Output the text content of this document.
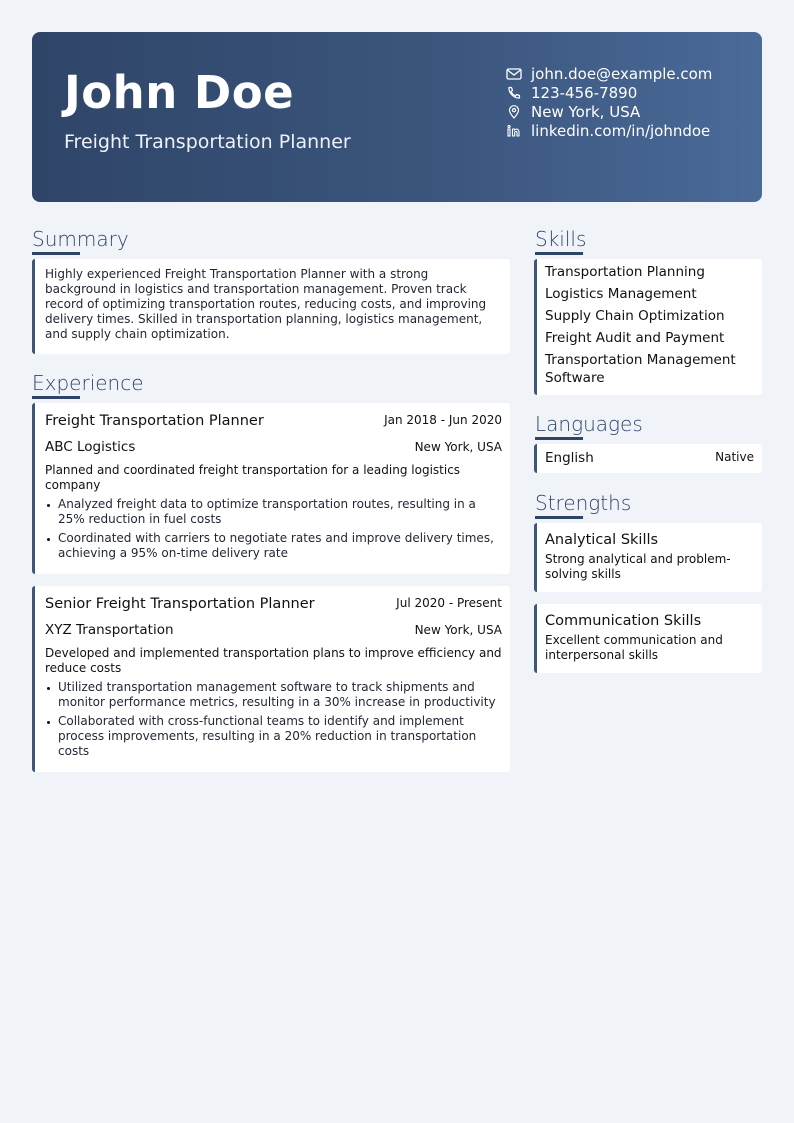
John Doe
Freight Transportation Planner
john.doe@example.com
123-456-7890
New York, USA
linkedin.com/in/johndoe
Summary
Highly experienced Freight Transportation Planner with a strong background in logistics and transportation management. Proven track record of optimizing transportation routes, reducing costs, and improving delivery times. Skilled in transportation planning, logistics management, and supply chain optimization.
Experience
Freight Transportation Planner	Jan 2018 - Jun 2020
ABC Logistics	New York, USA
Planned and coordinated freight transportation for a leading logistics company
Analyzed freight data to optimize transportation routes, resulting in a 25% reduction in fuel costs
Coordinated with carriers to negotiate rates and improve delivery times, achieving a 95% on-time delivery rate
Senior Freight Transportation Planner	Jul 2020 - Present
XYZ Transportation	New York, USA
Developed and implemented transportation plans to improve efficiency and reduce costs
Utilized transportation management software to track shipments and monitor performance metrics, resulting in a 30% increase in productivity
Collaborated with cross-functional teams to identify and implement process improvements, resulting in a 20% reduction in transportation costs
Skills
Transportation Planning
Logistics Management
Supply Chain Optimization
Freight Audit and Payment
Transportation Management Software
Languages
English	Native
Strengths
Analytical Skills
Strong analytical and problem-solving skills
Communication Skills
Excellent communication and interpersonal skills
